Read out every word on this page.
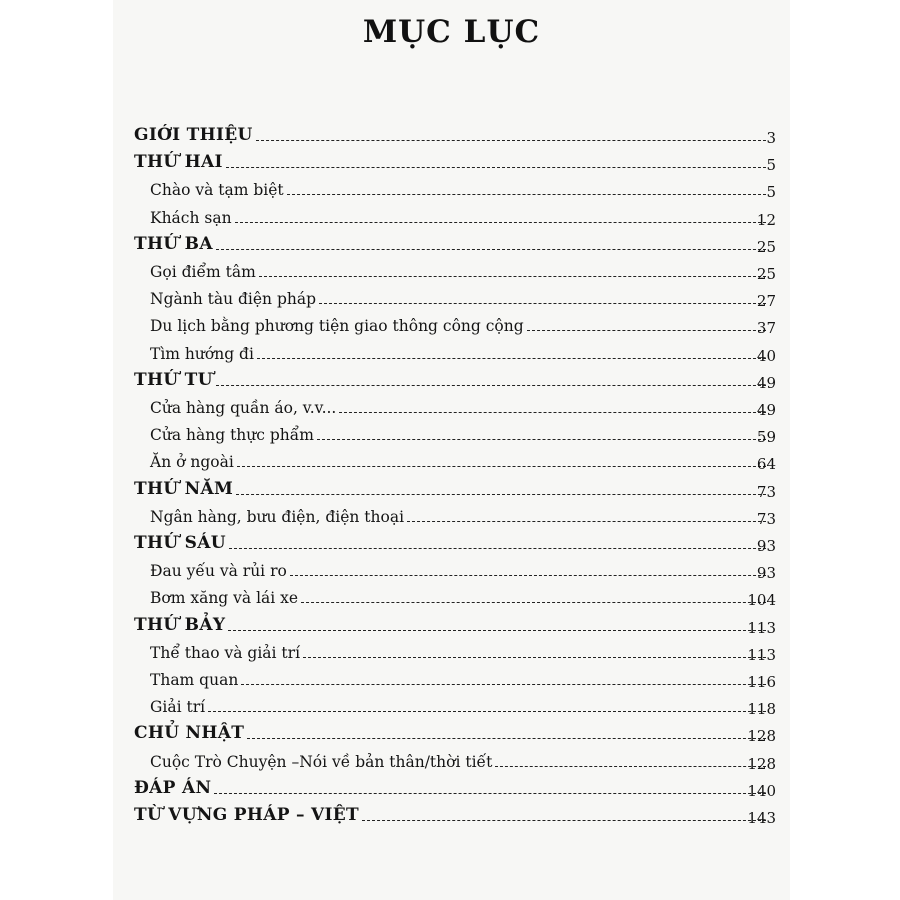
MỤC LỤC
GIỚI THIỆU	3
THỨ HAI	5
Chào và tạm biệt	5
Khách sạn	12
THỨ BA	25
Gọi điểm tâm	25
Ngành tàu điện pháp	27
Du lịch bằng phương tiện giao thông công cộng	37
Tìm hướng đi	40
THỨ TƯ	49
Cửa hàng quần áo, v.v...	49
Cửa hàng thực phẩm	59
Ăn ở ngoài	64
THỨ NĂM	73
Ngân hàng, bưu điện, điện thoại	73
THỨ SÁU	93
Đau yếu và rủi ro	93
Bơm xăng và lái xe	104
THỨ BẢY	113
Thể thao và giải trí	113
Tham quan	116
Giải trí	118
CHỦ NHẬT	128
Cuộc Trò Chuyện –Nói về bản thân/thời tiết	128
ĐÁP ÁN	140
TỪ VỰNG PHÁP – VIỆT	143
